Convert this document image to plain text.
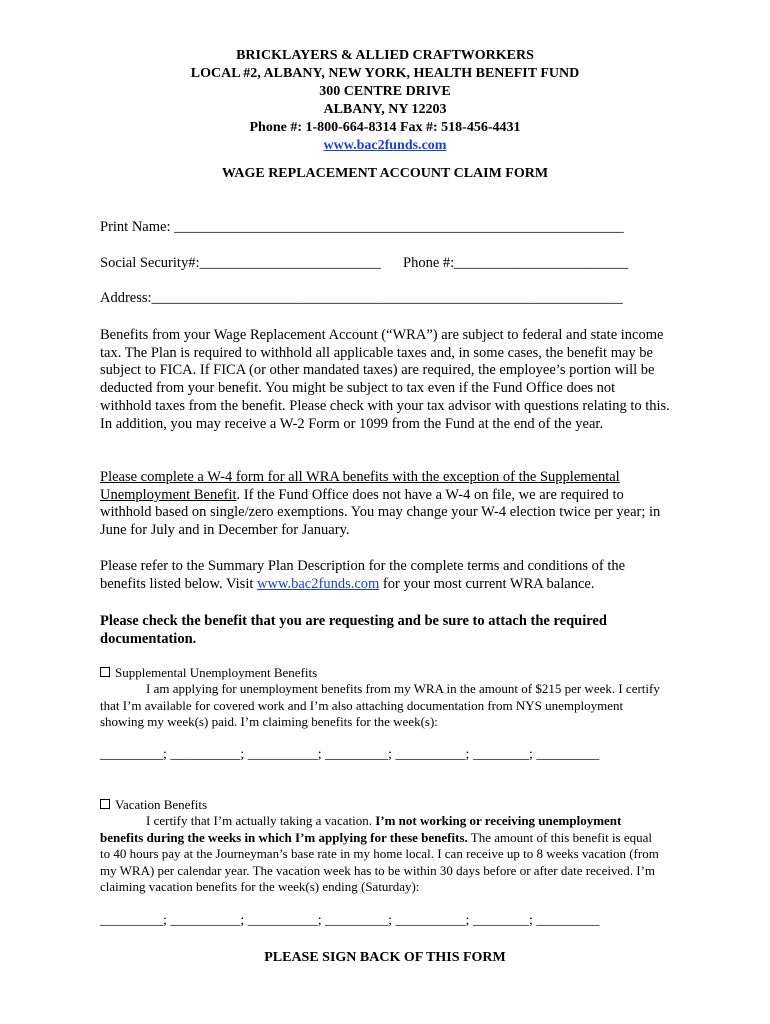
BRICKLAYERS & ALLIED CRAFTWORKERS
LOCAL #2, ALBANY, NEW YORK, HEALTH BENEFIT FUND
300 CENTRE DRIVE
ALBANY, NY 12203
Phone #: 1-800-664-8314 Fax #: 518-456-4431
www.bac2funds.com
WAGE REPLACEMENT ACCOUNT CLAIM FORM
Print Name: ______________________________________________________________
Social Security#:_________________________ Phone #:________________________
Address:_________________________________________________________________
Benefits from your Wage Replacement Account (“WRA”) are subject to federal and state income tax. The Plan is required to withhold all applicable taxes and, in some cases, the benefit may be subject to FICA. If FICA (or other mandated taxes) are required, the employee’s portion will be deducted from your benefit. You might be subject to tax even if the Fund Office does not withhold taxes from the benefit. Please check with your tax advisor with questions relating to this. In addition, you may receive a W-2 Form or 1099 from the Fund at the end of the year.
Please complete a W-4 form for all WRA benefits with the exception of the Supplemental Unemployment Benefit. If the Fund Office does not have a W-4 on file, we are required to withhold based on single/zero exemptions. You may change your W-4 election twice per year; in June for July and in December for January.
Please refer to the Summary Plan Description for the complete terms and conditions of the benefits listed below. Visit www.bac2funds.com for your most current WRA balance.
Please check the benefit that you are requesting and be sure to attach the required documentation.
Supplemental Unemployment Benefits
I am applying for unemployment benefits from my WRA in the amount of $215 per week. I certify that I’m available for covered work and I’m also attaching documentation from NYS unemployment showing my week(s) paid. I’m claiming benefits for the week(s):
_________; __________; __________; _________; __________; ________; _________
Vacation Benefits
I certify that I’m actually taking a vacation. I’m not working or receiving unemployment benefits during the weeks in which I’m applying for these benefits. The amount of this benefit is equal to 40 hours pay at the Journeyman’s base rate in my home local. I can receive up to 8 weeks vacation (from my WRA) per calendar year. The vacation week has to be within 30 days before or after date received. I’m claiming vacation benefits for the week(s) ending (Saturday):
_________; __________; __________; _________; __________; ________; _________
PLEASE SIGN BACK OF THIS FORM
